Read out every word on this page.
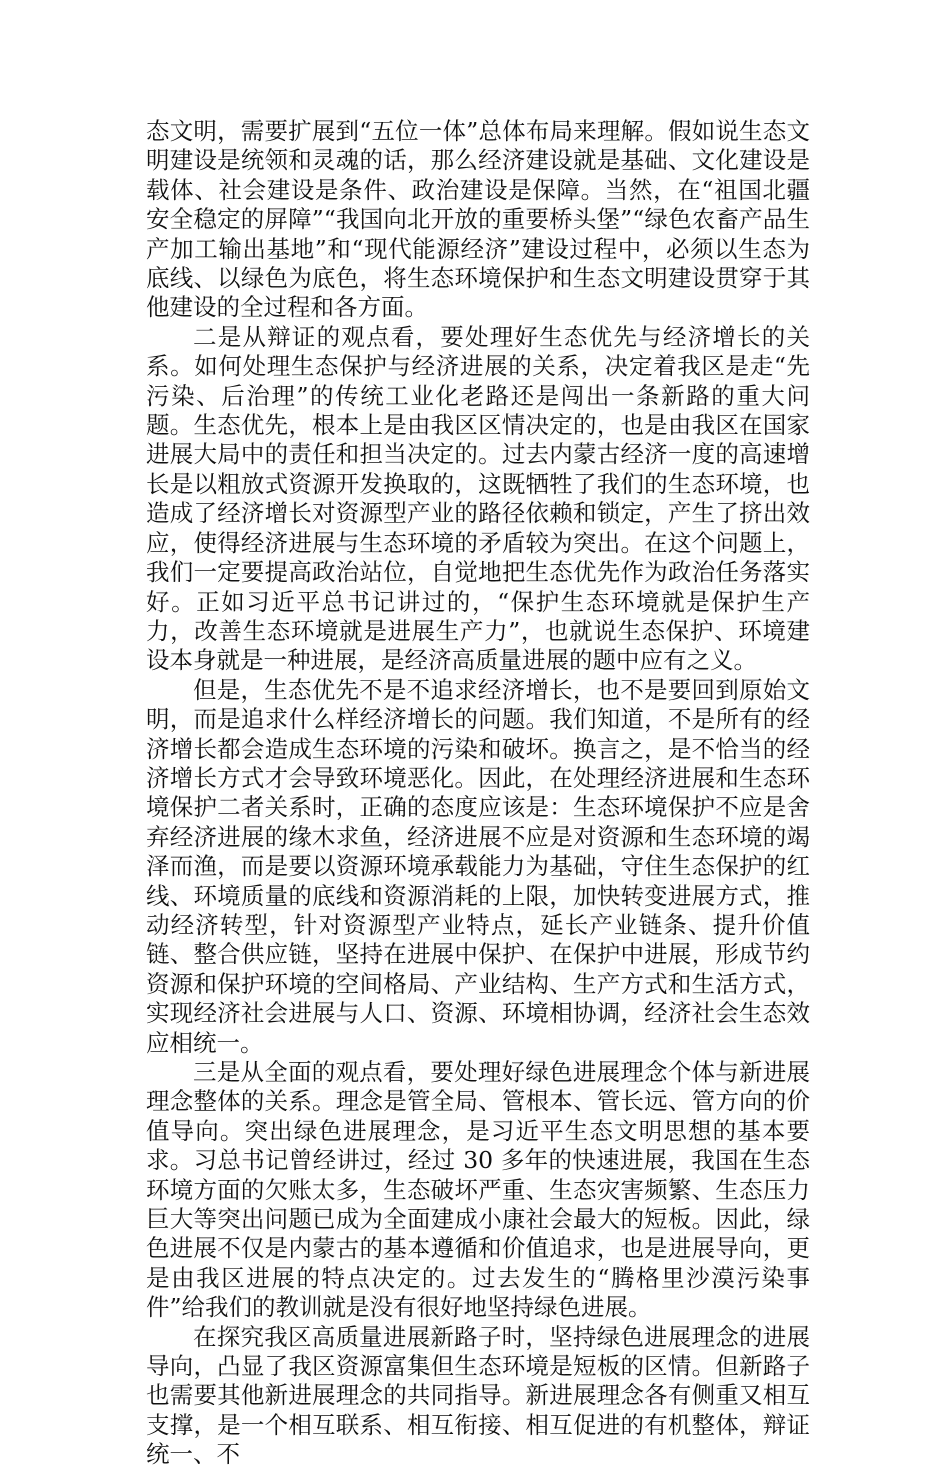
态文明，需要扩展到“五位一体”总体布局来理解。假如说生态文明建设是统领和灵魂的话，那么经济建设就是基础、文化建设是载体、社会建设是条件、政治建设是保障。当然，在“祖国北疆安全稳定的屏障”“我国向北开放的重要桥头堡”“绿色农畜产品生产加工输出基地”和“现代能源经济”建设过程中，必须以生态为底线、以绿色为底色，将生态环境保护和生态文明建设贯穿于其他建设的全过程和各方面。

二是从辩证的观点看，要处理好生态优先与经济增长的关系。如何处理生态保护与经济进展的关系，决定着我区是走“先污染、后治理”的传统工业化老路还是闯出一条新路的重大问题。生态优先，根本上是由我区区情决定的，也是由我区在国家进展大局中的责任和担当决定的。过去内蒙古经济一度的高速增长是以粗放式资源开发换取的，这既牺牲了我们的生态环境，也造成了经济增长对资源型产业的路径依赖和锁定，产生了挤出效应，使得经济进展与生态环境的矛盾较为突出。在这个问题上，我们一定要提高政治站位，自觉地把生态优先作为政治任务落实好。正如习近平总书记讲过的，“保护生态环境就是保护生产力，改善生态环境就是进展生产力”，也就说生态保护、环境建设本身就是一种进展，是经济高质量进展的题中应有之义。

但是，生态优先不是不追求经济增长，也不是要回到原始文明，而是追求什么样经济增长的问题。我们知道，不是所有的经济增长都会造成生态环境的污染和破坏。换言之，是不恰当的经济增长方式才会导致环境恶化。因此，在处理经济进展和生态环境保护二者关系时，正确的态度应该是：生态环境保护不应是舍弃经济进展的缘木求鱼，经济进展不应是对资源和生态环境的竭泽而渔，而是要以资源环境承载能力为基础，守住生态保护的红线、环境质量的底线和资源消耗的上限，加快转变进展方式，推动经济转型，针对资源型产业特点，延长产业链条、提升价值链、整合供应链，坚持在进展中保护、在保护中进展，形成节约资源和保护环境的空间格局、产业结构、生产方式和生活方式，实现经济社会进展与人口、资源、环境相协调，经济社会生态效应相统一。

三是从全面的观点看，要处理好绿色进展理念个体与新进展理念整体的关系。理念是管全局、管根本、管长远、管方向的价值导向。突出绿色进展理念，是习近平生态文明思想的基本要求。习总书记曾经讲过，经过 30 多年的快速进展，我国在生态环境方面的欠账太多，生态破坏严重、生态灾害频繁、生态压力巨大等突出问题已成为全面建成小康社会最大的短板。因此，绿色进展不仅是内蒙古的基本遵循和价值追求，也是进展导向，更是由我区进展的特点决定的。过去发生的“腾格里沙漠污染事件”给我们的教训就是没有很好地坚持绿色进展。

在探究我区高质量进展新路子时，坚持绿色进展理念的进展导向，凸显了我区资源富集但生态环境是短板的区情。但新路子也需要其他新进展理念的共同指导。新进展理念各有侧重又相互支撑，是一个相互联系、相互衔接、相互促进的有机整体，辩证统一、不
